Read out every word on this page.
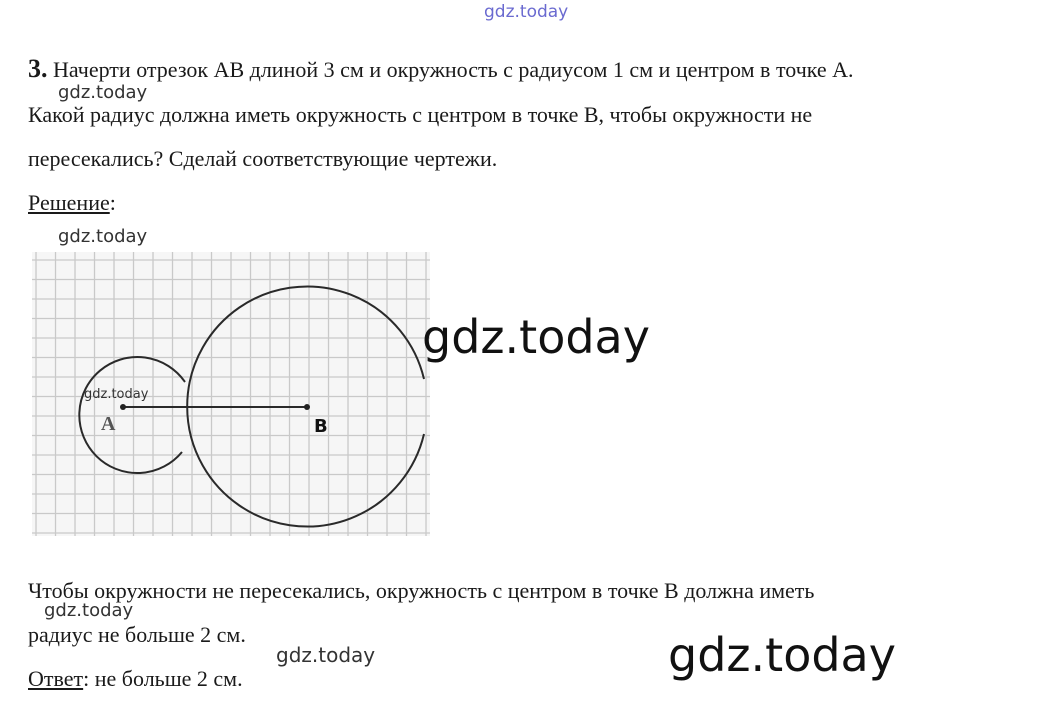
gdz.today
3. Начерти отрезок АВ длиной 3 см и окружность с радиусом 1 см и центром в точке А.
gdz.today
Какой радиус должна иметь окружность с центром в точке В, чтобы окружности не
пересекались? Сделай соответствующие чертежи.
Решение:
gdz.today
A	B
gdz.today
gdz.today
Чтобы окружности не пересекались, окружность с центром в точке В должна иметь
gdz.today
радиус не больше 2 см.
gdz.today
Ответ: не больше 2 см.	gdz.today
